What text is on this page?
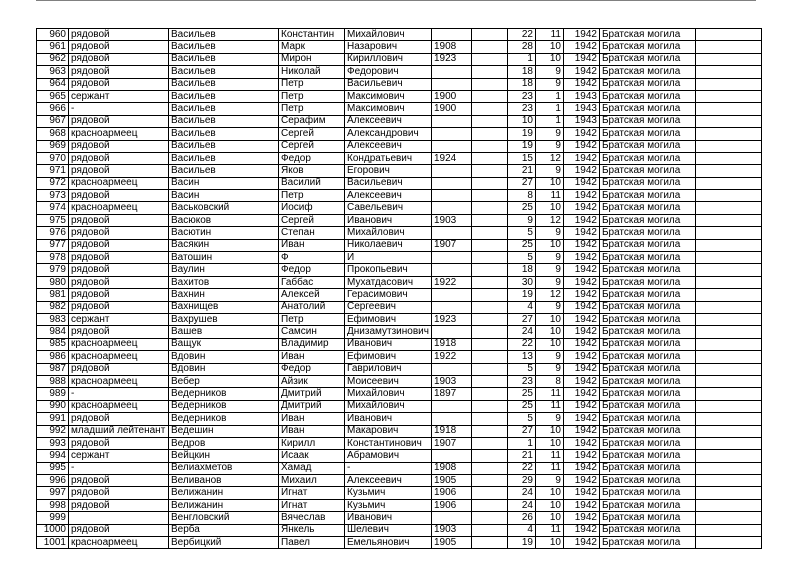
960	рядовой	Васильев	Константин	Михайлович			22	11	1942	Братская могила	
961	рядовой	Васильев	Марк	Назарович	1908		28	10	1942	Братская могила	
962	рядовой	Васильев	Мирон	Кириллович	1923		1	10	1942	Братская могила	
963	рядовой	Васильев	Николай	Федорович			18	9	1942	Братская могила	
964	рядовой	Васильев	Петр	Васильевич			18	9	1942	Братская могила	
965	сержант	Васильев	Петр	Максимович	1900		23	1	1943	Братская могила	
966	-	Васильев	Петр	Максимович	1900		23	1	1943	Братская могила	
967	рядовой	Васильев	Серафим	Алексеевич			10	1	1943	Братская могила	
968	красноармеец	Васильев	Сергей	Александрович			19	9	1942	Братская могила	
969	рядовой	Васильев	Сергей	Алексеевич			19	9	1942	Братская могила	
970	рядовой	Васильев	Федор	Кондратьевич	1924		15	12	1942	Братская могила	
971	рядовой	Васильев	Яков	Егорович			21	9	1942	Братская могила	
972	красноармеец	Васин	Василий	Васильевич			27	10	1942	Братская могила	
973	рядовой	Васин	Петр	Алексеевич			8	11	1942	Братская могила	
974	красноармеец	Васьковский	Иосиф	Савельевич			25	10	1942	Братская могила	
975	рядовой	Васюков	Сергей	Иванович	1903		9	12	1942	Братская могила	
976	рядовой	Васютин	Степан	Михайлович			5	9	1942	Братская могила	
977	рядовой	Васякин	Иван	Николаевич	1907		25	10	1942	Братская могила	
978	рядовой	Ватошин	Ф	И			5	9	1942	Братская могила	
979	рядовой	Ваулин	Федор	Прокопьевич			18	9	1942	Братская могила	
980	рядовой	Вахитов	Габбас	Мухатдасович	1922		30	9	1942	Братская могила	
981	рядовой	Вахнин	Алексей	Герасимович			19	12	1942	Братская могила	
982	рядовой	Вахнищев	Анатолий	Сергеевич			4	9	1942	Братская могила	
983	сержант	Вахрушев	Петр	Ефимович	1923		27	10	1942	Братская могила	
984	рядовой	Вашев	Самсин	Днизамутзинович			24	10	1942	Братская могила	
985	красноармеец	Ващук	Владимир	Иванович	1918		22	10	1942	Братская могила	
986	красноармеец	Вдовин	Иван	Ефимович	1922		13	9	1942	Братская могила	
987	рядовой	Вдовин	Федор	Гаврилович			5	9	1942	Братская могила	
988	красноармеец	Вебер	Айзик	Моисеевич	1903		23	8	1942	Братская могила	
989	-	Ведерников	Дмитрий	Михайлович	1897		25	11	1942	Братская могила	
990	красноармеец	Ведерников	Дмитрий	Михайлович			25	11	1942	Братская могила	
991	рядовой	Ведерников	Иван	Иванович			5	9	1942	Братская могила	
992	младший лейтенант	Ведешин	Иван	Макарович	1918		27	10	1942	Братская могила	
993	рядовой	Ведров	Кирилл	Константинович	1907		1	10	1942	Братская могила	
994	сержант	Вейцкин	Исаак	Абрамович			21	11	1942	Братская могила	
995	-	Велиахметов	Хамад	-	1908		22	11	1942	Братская могила	
996	рядовой	Веливанов	Михаил	Алексеевич	1905		29	9	1942	Братская могила	
997	рядовой	Велижанин	Игнат	Кузьмич	1906		24	10	1942	Братская могила	
998	рядовой	Велижанин	Игнат	Кузьмич	1906		24	10	1942	Братская могила	
999		Венгловский	Вячеслав	Иванович			26	10	1942	Братская могила	
1000	рядовой	Верба	Янкель	Шелевич	1903		4	11	1942	Братская могила	
1001	красноармеец	Вербицкий	Павел	Емельянович	1905		19	10	1942	Братская могила	
